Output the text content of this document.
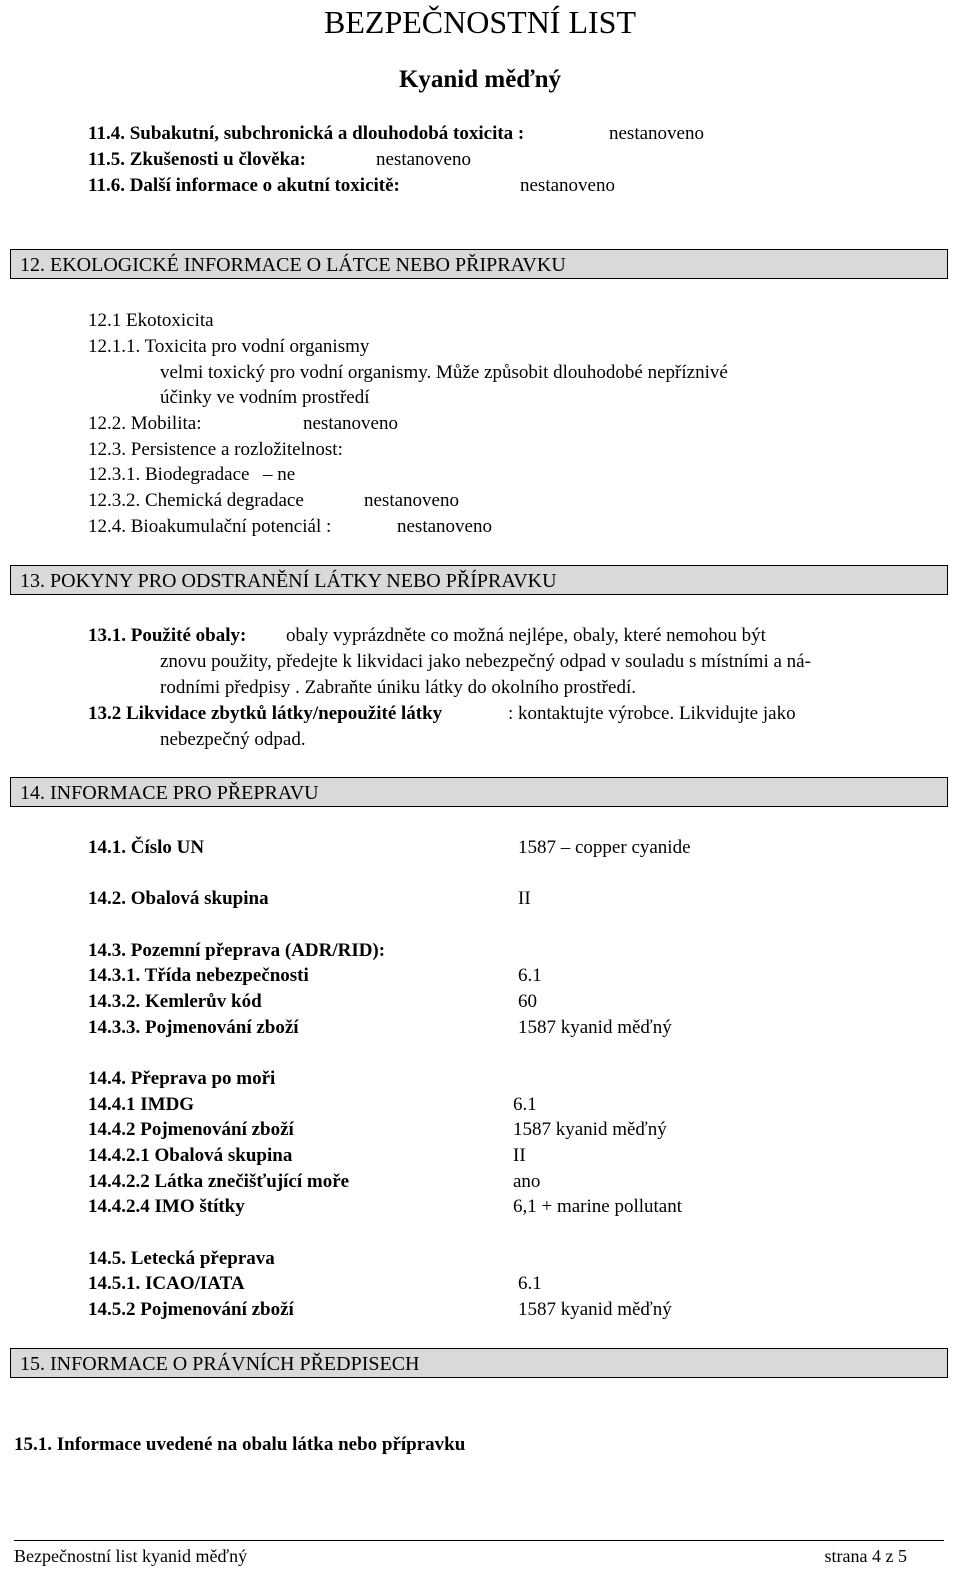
BEZPEČNOSTNÍ LIST
Kyanid měďný
11.4. Subakutní, subchronická a dlouhodobá toxicita :	nestanoveno
11.5. Zkušenosti u člověka:	nestanoveno
11.6. Další informace o akutní toxicitě:	nestanoveno
12. EKOLOGICKÉ INFORMACE O LÁTCE NEBO PŘIPRAVKU
12.1 Ekotoxicita
12.1.1. Toxicita pro vodní organismy
velmi toxický pro vodní organismy. Může způsobit dlouhodobé nepříznivé
účinky ve vodním prostředí
12.2. Mobilita:	nestanoveno
12.3. Persistence a rozložitelnost:
12.3.1. Biodegradace – ne
12.3.2. Chemická degradace	nestanoveno
12.4. Bioakumulační potenciál :	nestanoveno
13. POKYNY PRO ODSTRANĚNÍ LÁTKY NEBO PŘÍPRAVKU
13.1. Použité obaly: obaly vyprázdněte co možná nejlépe, obaly, které nemohou být
znovu použity, předejte k likvidaci jako nebezpečný odpad v souladu s místními a ná-
rodními předpisy . Zabraňte úniku látky do okolního prostředí.
13.2 Likvidace zbytků látky/nepoužité látky	: kontaktujte výrobce. Likvidujte jako
nebezpečný odpad.
14. INFORMACE PRO PŘEPRAVU
14.1. Číslo UN	1587 – copper cyanide
14.2. Obalová skupina	II
14.3. Pozemní přeprava (ADR/RID):
14.3.1. Třída nebezpečnosti	6.1
14.3.2. Kemlerův kód	60
14.3.3. Pojmenování zboží	1587 kyanid měďný
14.4. Přeprava po moři
14.4.1 IMDG	6.1
14.4.2 Pojmenování zboží	1587 kyanid měďný
14.4.2.1 Obalová skupina	II
14.4.2.2 Látka znečišťující moře	ano
14.4.2.4 IMO štítky	6,1 + marine pollutant
14.5. Letecká přeprava
14.5.1. ICAO/IATA	6.1
14.5.2 Pojmenování zboží	1587 kyanid měďný
15. INFORMACE O PRÁVNÍCH PŘEDPISECH
15.1. Informace uvedené na obalu látka nebo přípravku
Bezpečnostní list kyanid měďný	strana 4 z 5
